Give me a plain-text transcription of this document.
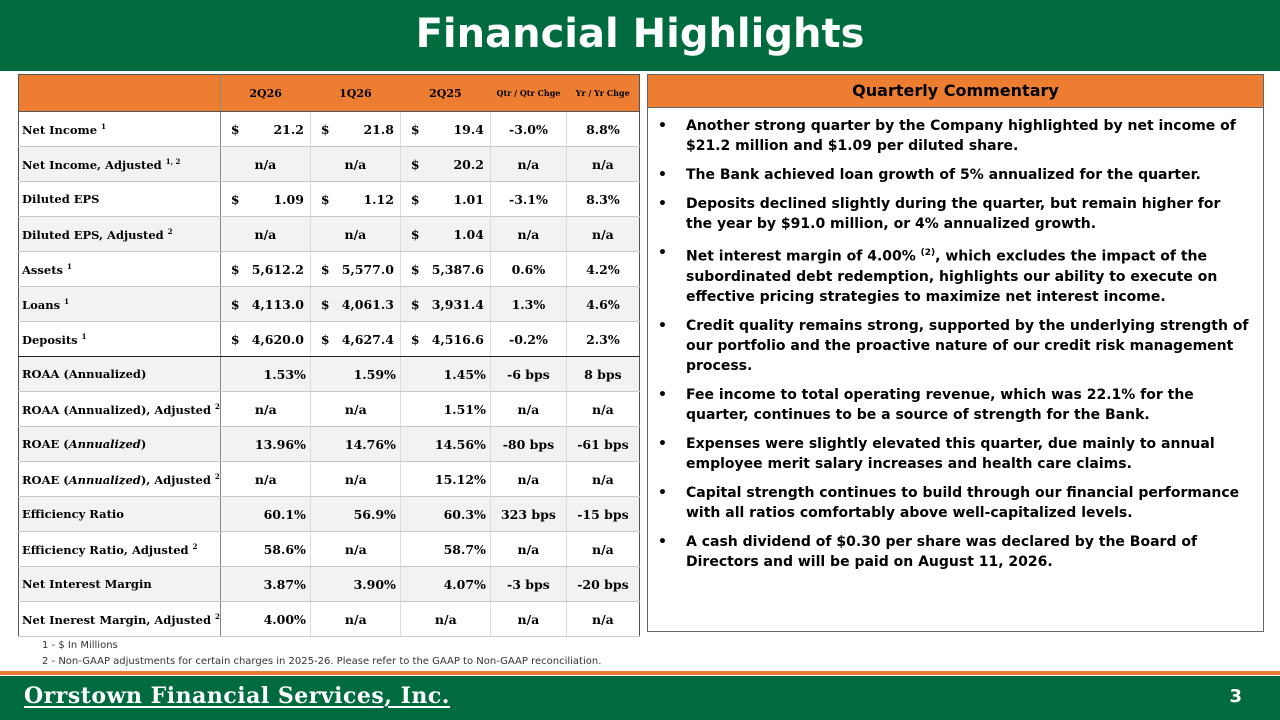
Financial Highlights
	2Q26	1Q26	2Q25	Qtr / Qtr Chge	Yr / Yr Chge
Net Income $^1$	$ 21.2	$ 21.8	$ 19.4	-3.0%	8.8%
Net Income, Adjusted $^{1, 2}$	n/a	n/a	$ 20.2	n/a	n/a
Diluted EPS	$ 1.09	$ 1.12	$ 1.01	-3.1%	8.3%
Diluted EPS, Adjusted $^2$	n/a	n/a	$ 1.04	n/a	n/a
Assets $^1$	$ 5,612.2	$ 5,577.0	$ 5,387.6	0.6%	4.2%
Loans $^1$	$ 4,113.0	$ 4,061.3	$ 3,931.4	1.3%	4.6%
Deposits $^1$	$ 4,620.0	$ 4,627.4	$ 4,516.6	-0.2%	2.3%
ROAA (Annualized)	1.53%	1.59%	1.45%	-6 bps	8 bps
ROAA (Annualized), Adjusted $^2$	n/a	n/a	1.51%	n/a	n/a
ROAE (Annualized)	13.96%	14.76%	14.56%	-80 bps	-61 bps
ROAE (Annualized), Adjusted $^2$	n/a	n/a	15.12%	n/a	n/a
Efficiency Ratio	60.1%	56.9%	60.3%	323 bps	-15 bps
Efficiency Ratio, Adjusted $^2$	58.6%	n/a	58.7%	n/a	n/a
Net Interest Margin	3.87%	3.90%	4.07%	-3 bps	-20 bps
Net Inerest Margin, Adjusted $^2$	4.00%	n/a	n/a	n/a	n/a
Quarterly Commentary
• Another strong quarter by the Company highlighted by net income of $21.2 million and $1.09 per diluted share.
• The Bank achieved loan growth of 5% annualized for the quarter.
• Deposits declined slightly during the quarter, but remain higher for the year by $91.0 million, or 4% annualized growth.
• Net interest margin of 4.00% $^{(2)}$, which excludes the impact of the subordinated debt redemption, highlights our ability to execute on effective pricing strategies to maximize net interest income.
• Credit quality remains strong, supported by the underlying strength of our portfolio and the proactive nature of our credit risk management process.
• Fee income to total operating revenue, which was 22.1% for the quarter, continues to be a source of strength for the Bank.
• Expenses were slightly elevated this quarter, due mainly to annual employee merit salary increases and health care claims.
• Capital strength continues to build through our financial performance with all ratios comfortably above well-capitalized levels.
• A cash dividend of $0.30 per share was declared by the Board of Directors and will be paid on August 11, 2026.
1 - $ In Millions
2 - Non-GAAP adjustments for certain charges in 2025-26. Please refer to the GAAP to Non-GAAP reconciliation.
Orrstown Financial Services, Inc.	3
